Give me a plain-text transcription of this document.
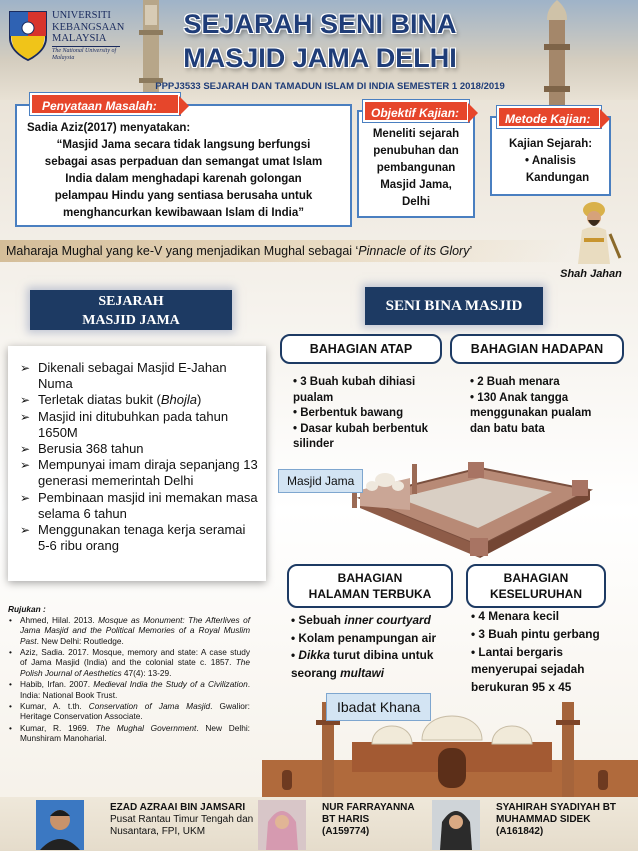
UNIVERSITI
KEBANGSAAN
MALAYSIA
The National University of Malaysia
SEJARAH SENI BINA
MASJID JAMA DELHI
PPPJ3533 SEJARAH DAN TAMADUN ISLAM DI INDIA SEMESTER 1 2018/2019
Penyataan Masalah:
Sadia Aziz(2017) menyatakan:
“Masjid Jama secara tidak langsung berfungsi
sebagai asas perpaduan dan semangat umat Islam
India dalam menghadapi karenah golongan
pelampau Hindu yang sentiasa berusaha untuk
menghancurkan kewibawaan Islam di India”
Objektif Kajian:
Meneliti sejarah
penubuhan dan
pembangunan
Masjid Jama,
Delhi
Metode Kajian:
Kajian Sejarah:
• Analisis
Kandungan
Maharaja Mughal yang ke-V yang menjadikan Mughal sebagai ‘Pinnacle of its Glory’
Shah Jahan
SEJARAH
MASJID JAMA
➢ Dikenali sebagai Masjid E-Jahan Numa
➢ Terletak diatas bukit (Bhojla)
➢ Masjid ini ditubuhkan pada tahun 1650M
➢ Berusia 368 tahun
➢ Mempunyai imam diraja sepanjang 13 generasi memerintah Delhi
➢ Pembinaan masjid ini memakan masa selama 6 tahun
➢ Menggunakan tenaga kerja seramai 5-6 ribu orang
SENI BINA MASJID
BAHAGIAN ATAP
• 3 Buah kubah dihiasi
pualam
• Berbentuk bawang
• Dasar kubah berbentuk
silinder
BAHAGIAN HADAPAN
• 2 Buah menara
• 130 Anak tangga
menggunakan pualam
dan batu bata
Masjid Jama
BAHAGIAN
HALAMAN TERBUKA
• Sebuah inner courtyard
• Kolam penampungan air
• Dikka turut dibina untuk
seorang multawi
BAHAGIAN
KESELURUHAN
• 4 Menara kecil
• 3 Buah pintu gerbang
• Lantai bergaris
menyerupai sejadah
berukuran 95 x 45
Ibadat Khana
Rujukan :
• Ahmed, Hilal. 2013. Mosque as Monument: The Afterlives of Jama Masjid and the Political Memories of a Royal Muslim Past. New Delhi: Routledge.
• Aziz, Sadia. 2017. Mosque, memory and state: A case study of Jama Masjid (India) and the colonial state c. 1857. The Polish Journal of Aesthetics 47(4): 13-29.
• Habib, Irfan. 2007. Medieval India the Study of a Civilization. India: National Book Trust.
• Kumar, A. t.th. Conservation of Jama Masjid. Gwalior: Heritage Conservation Associate.
• Kumar, R. 1969. The Mughal Government. New Delhi: Munshiram Manoharial.
EZAD AZRAAI BIN JAMSARI
Pusat Rantau Timur Tengah dan
Nusantara, FPI, UKM
NUR FARRAYANNA
BT HARIS
(A159774)
SYAHIRAH SYADIYAH BT
MUHAMMAD SIDEK
(A161842)
